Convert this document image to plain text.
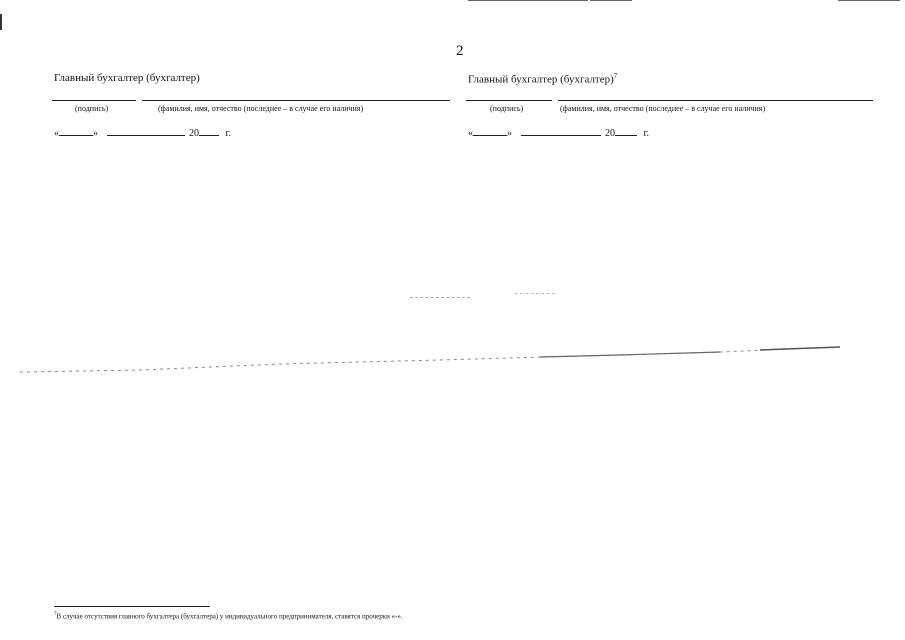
2
Главный бухгалтер (бухгалтер)
(подпись)	(фамилия, имя, отчество (последнее – в случае его наличия)
«	»	20	г.
Главный бухгалтер (бухгалтер)$^7$
(подпись)	(фамилия, имя, отчество (последнее – в случае его наличия)
«	»	20	г.
$^7$В случае отсутствия главного бухгалтера (бухгалтера) у индивидуального предпринимателя, ставятся прочерки «-».
